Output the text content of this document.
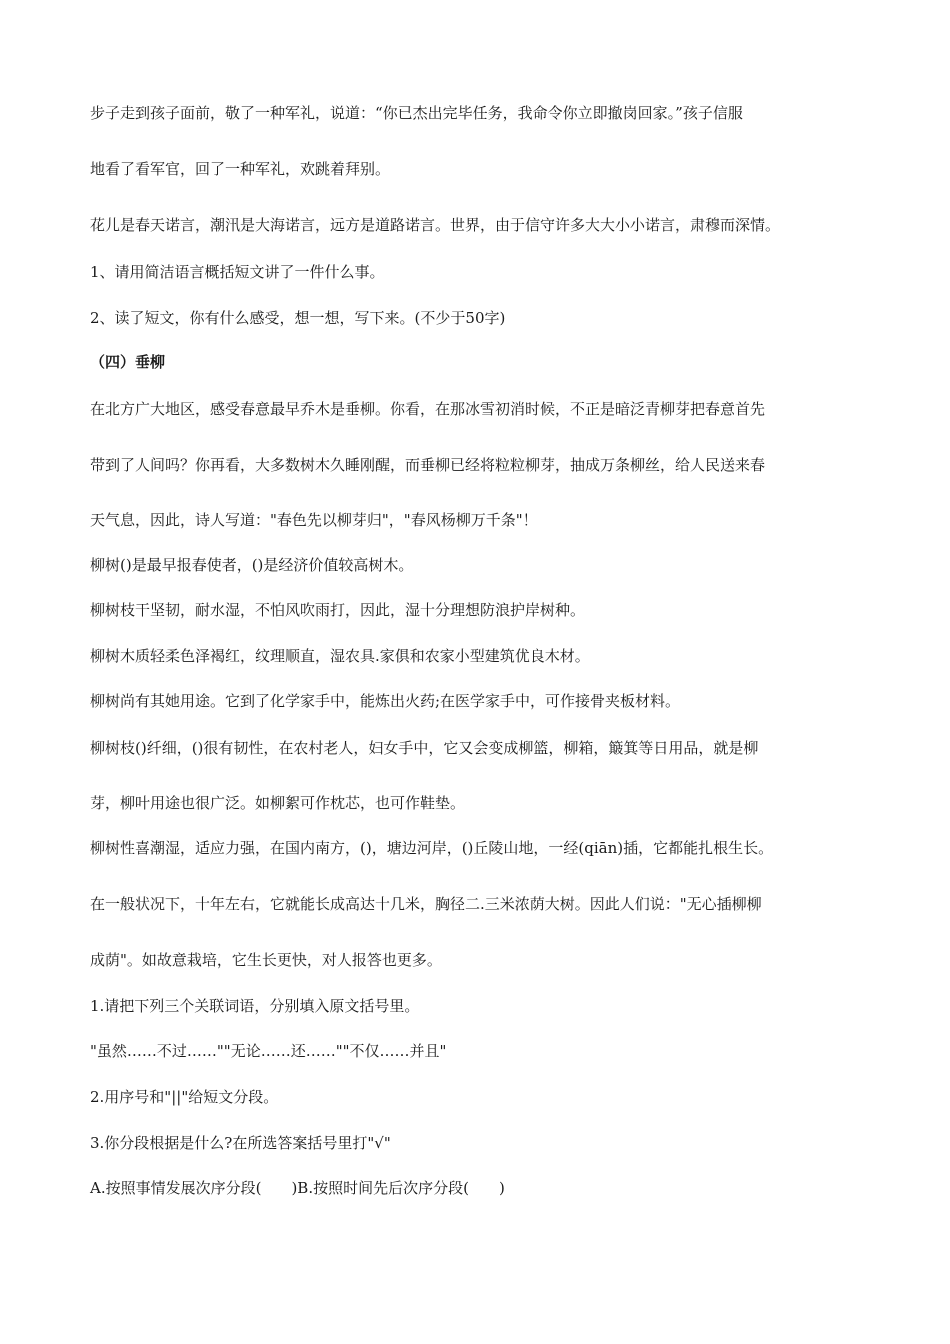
步子走到孩子面前，敬了一种军礼，说道：“你已杰出完毕任务，我命令你立即撤岗回家。”孩子信服
地看了看军官，回了一种军礼，欢跳着拜别。
花儿是春天诺言，潮汛是大海诺言，远方是道路诺言。世界，由于信守许多大大小小诺言，肃穆而深情。
1、请用简洁语言概括短文讲了一件什么事。
2、读了短文，你有什么感受，想一想，写下来。(不少于50字)
（四）垂柳
在北方广大地区，感受春意最早乔木是垂柳。你看，在那冰雪初消时候，不正是暗泛青柳芽把春意首先
带到了人间吗？你再看，大多数树木久睡刚醒，而垂柳已经将粒粒柳芽，抽成万条柳丝，给人民送来春
天气息，因此，诗人写道："春色先以柳芽归"，"春风杨柳万千条"！
柳树()是最早报春使者，()是经济价值较高树木。
柳树枝干坚韧，耐水湿，不怕风吹雨打，因此，湿十分理想防浪护岸树种。
柳树木质轻柔色泽褐红，纹理顺直，湿农具.家俱和农家小型建筑优良木材。
柳树尚有其她用途。它到了化学家手中，能炼出火药;在医学家手中，可作接骨夹板材料。
柳树枝()纤细，()很有韧性，在农村老人，妇女手中，它又会变成柳篮，柳箱，簸箕等日用品，就是柳
芽，柳叶用途也很广泛。如柳絮可作枕芯，也可作鞋垫。
柳树性喜潮湿，适应力强，在国内南方，()，塘边河岸，()丘陵山地，一经(qiān)插，它都能扎根生长。
在一般状况下，十年左右，它就能长成高达十几米，胸径二.三米浓荫大树。因此人们说："无心插柳柳
成荫"。如故意栽培，它生长更快，对人报答也更多。
1.请把下列三个关联词语，分别填入原文括号里。
"虽然……不过……""无论……还……""不仅……并且"
2.用序号和"||"给短文分段。
3.你分段根据是什么?在所选答案括号里打"√"
A.按照事情发展次序分段(　　)B.按照时间先后次序分段(　　)
